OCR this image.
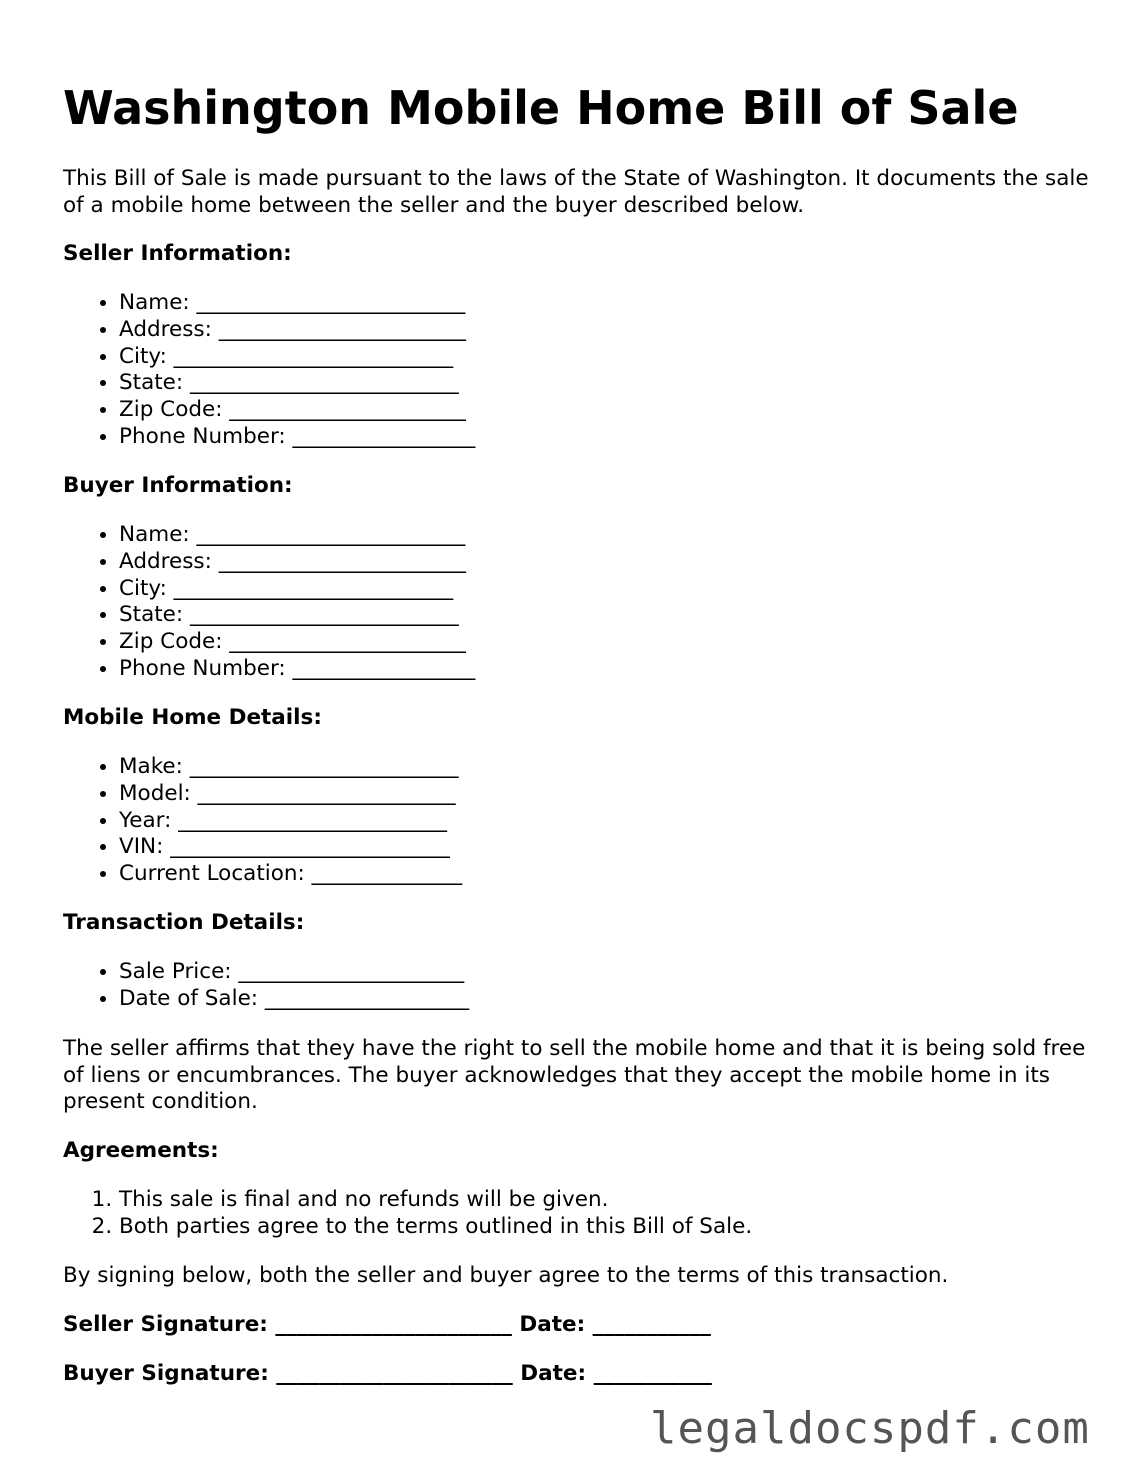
Washington Mobile Home Bill of Sale

This Bill of Sale is made pursuant to the laws of the State of Washington. It documents the sale of a mobile home between the seller and the buyer described below.

Seller Information:

• Name: _________________________
• Address: _______________________
• City: __________________________
• State: _________________________
• Zip Code: ______________________
• Phone Number: _________________

Buyer Information:

• Name: _________________________
• Address: _______________________
• City: __________________________
• State: _________________________
• Zip Code: ______________________
• Phone Number: _________________

Mobile Home Details:

• Make: _________________________
• Model: ________________________
• Year: _________________________
• VIN: __________________________
• Current Location: ______________

Transaction Details:

• Sale Price: _____________________
• Date of Sale: ___________________

The seller affirms that they have the right to sell the mobile home and that it is being sold free of liens or encumbrances. The buyer acknowledges that they accept the mobile home in its present condition.

Agreements:

1. This sale is final and no refunds will be given.
2. Both parties agree to the terms outlined in this Bill of Sale.

By signing below, both the seller and buyer agree to the terms of this transaction.

Seller Signature: ______________________ Date: ___________

Buyer Signature: ______________________ Date: ___________

legaldocspdf.com
